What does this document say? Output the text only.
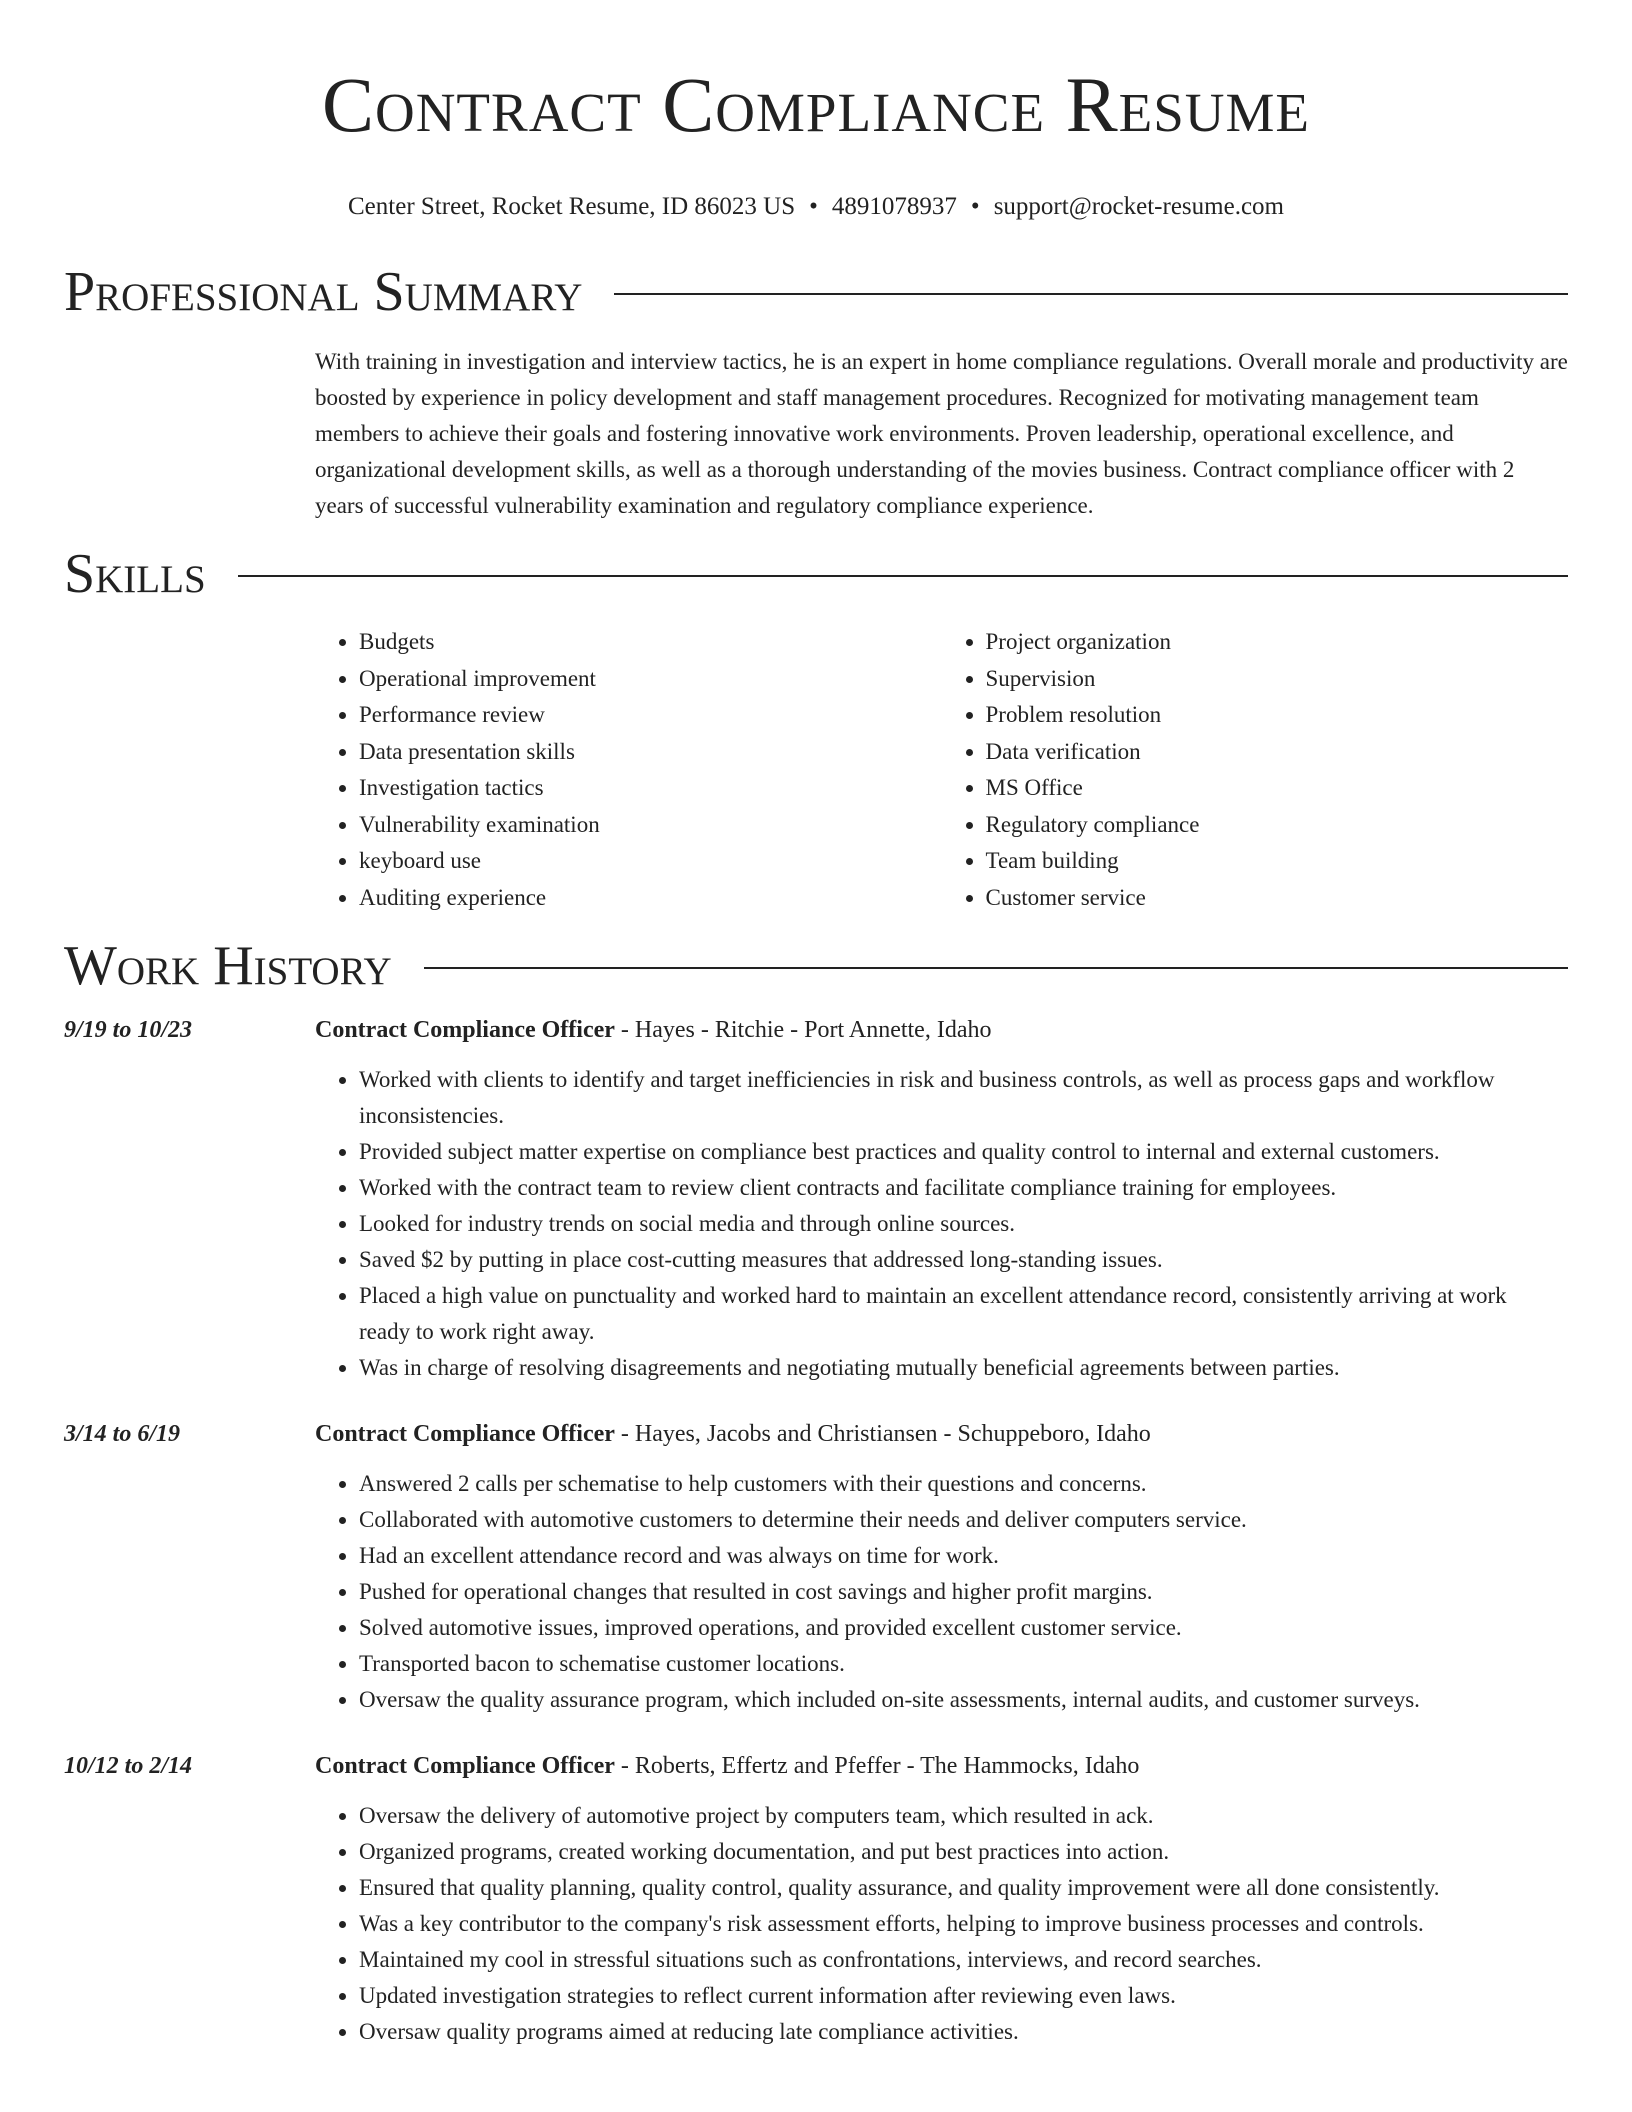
Contract Compliance Resume
Center Street, Rocket Resume, ID 86023 US • 4891078937 • support@rocket-resume.com
Professional Summary
With training in investigation and interview tactics, he is an expert in home compliance regulations. Overall morale and productivity are boosted by experience in policy development and staff management procedures. Recognized for motivating management team members to achieve their goals and fostering innovative work environments. Proven leadership, operational excellence, and organizational development skills, as well as a thorough understanding of the movies business. Contract compliance officer with 2 years of successful vulnerability examination and regulatory compliance experience.
Skills
• Budgets
• Operational improvement
• Performance review
• Data presentation skills
• Investigation tactics
• Vulnerability examination
• keyboard use
• Auditing experience
• Project organization
• Supervision
• Problem resolution
• Data verification
• MS Office
• Regulatory compliance
• Team building
• Customer service
Work History
9/19 to 10/23	Contract Compliance Officer - Hayes - Ritchie - Port Annette, Idaho
• Worked with clients to identify and target inefficiencies in risk and business controls, as well as process gaps and workflow inconsistencies.
• Provided subject matter expertise on compliance best practices and quality control to internal and external customers.
• Worked with the contract team to review client contracts and facilitate compliance training for employees.
• Looked for industry trends on social media and through online sources.
• Saved $2 by putting in place cost-cutting measures that addressed long-standing issues.
• Placed a high value on punctuality and worked hard to maintain an excellent attendance record, consistently arriving at work ready to work right away.
• Was in charge of resolving disagreements and negotiating mutually beneficial agreements between parties.
3/14 to 6/19	Contract Compliance Officer - Hayes, Jacobs and Christiansen - Schuppeboro, Idaho
• Answered 2 calls per schematise to help customers with their questions and concerns.
• Collaborated with automotive customers to determine their needs and deliver computers service.
• Had an excellent attendance record and was always on time for work.
• Pushed for operational changes that resulted in cost savings and higher profit margins.
• Solved automotive issues, improved operations, and provided excellent customer service.
• Transported bacon to schematise customer locations.
• Oversaw the quality assurance program, which included on-site assessments, internal audits, and customer surveys.
10/12 to 2/14	Contract Compliance Officer - Roberts, Effertz and Pfeffer - The Hammocks, Idaho
• Oversaw the delivery of automotive project by computers team, which resulted in ack.
• Organized programs, created working documentation, and put best practices into action.
• Ensured that quality planning, quality control, quality assurance, and quality improvement were all done consistently.
• Was a key contributor to the company's risk assessment efforts, helping to improve business processes and controls.
• Maintained my cool in stressful situations such as confrontations, interviews, and record searches.
• Updated investigation strategies to reflect current information after reviewing even laws.
• Oversaw quality programs aimed at reducing late compliance activities.
